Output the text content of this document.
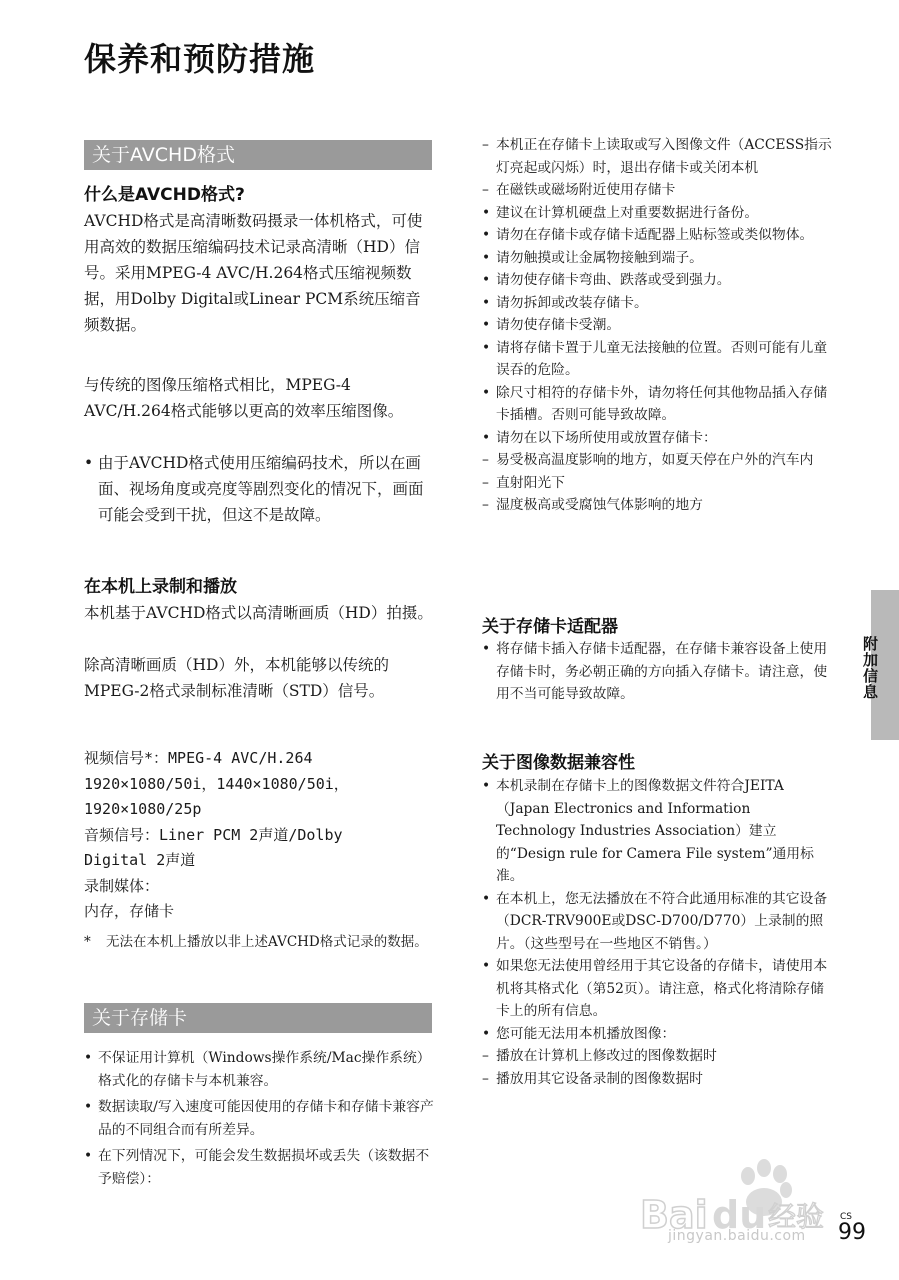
保养和预防措施
关于AVCHD格式
什么是AVCHD格式?

AVCHD格式是高清晰数码摄录一体机格式，可使用高效的数据压缩编码技术记录高清晰（HD）信号。采用MPEG-4 AVC/H.264格式压缩视频数据，用Dolby Digital或Linear PCM系统压缩音频数据。

与传统的图像压缩格式相比，MPEG-4 AVC/H.264格式能够以更高的效率压缩图像。

• 由于AVCHD格式使用压缩编码技术，所以在画面、视场角度或亮度等剧烈变化的情况下，画面可能会受到干扰，但这不是故障。
在本机上录制和播放

本机基于AVCHD格式以高清晰画质（HD）拍摄。

除高清晰画质（HD）外，本机能够以传统的MPEG-2格式录制标准清晰（STD）信号。

视频信号*：MPEG-4 AVC/H.264
1920×1080/50i，1440×1080/50i，
1920×1080/25p
音频信号：Liner PCM 2声道/Dolby
Digital 2声道
录制媒体：
内存，存储卡

* 无法在本机上播放以非上述AVCHD格式记录的数据。

关于存储卡
• 不保证用计算机（Windows操作系统/Mac操作系统）格式化的存储卡与本机兼容。
• 数据读取/写入速度可能因使用的存储卡和存储卡兼容产品的不同组合而有所差异。
• 在下列情况下，可能会发生数据损坏或丢失（该数据不予赔偿）：
– 本机正在存储卡上读取或写入图像文件（ACCESS指示灯亮起或闪烁）时，退出存储卡或关闭本机
– 在磁铁或磁场附近使用存储卡
• 建议在计算机硬盘上对重要数据进行备份。
• 请勿在存储卡或存储卡适配器上贴标签或类似物体。
• 请勿触摸或让金属物接触到端子。
• 请勿使存储卡弯曲、跌落或受到强力。
• 请勿拆卸或改装存储卡。
• 请勿使存储卡受潮。
• 请将存储卡置于儿童无法接触的位置。否则可能有儿童误吞的危险。
• 除尺寸相符的存储卡外，请勿将任何其他物品插入存储卡插槽。否则可能导致故障。
• 请勿在以下场所使用或放置存储卡：
– 易受极高温度影响的地方，如夏天停在户外的汽车内
– 直射阳光下
– 湿度极高或受腐蚀气体影响的地方
关于存储卡适配器
• 将存储卡插入存储卡适配器，在存储卡兼容设备上使用存储卡时，务必朝正确的方向插入存储卡。请注意，使用不当可能导致故障。
关于图像数据兼容性
• 本机录制在存储卡上的图像数据文件符合JEITA（Japan Electronics and Information Technology Industries Association）建立的“Design rule for Camera File system”通用标准。
• 在本机上，您无法播放在不符合此通用标准的其它设备（DCR-TRV900E或DSC-D700/D770）上录制的照片。（这些型号在一些地区不销售。）
• 如果您无法使用曾经用于其它设备的存储卡，请使用本机将其格式化（第52页）。请注意，格式化将清除存储卡上的所有信息。
• 您可能无法用本机播放图像：
– 播放在计算机上修改过的图像数据时
– 播放用其它设备录制的图像数据时
附加信息
Bai du 经验
jingyan.baidu.com
CS
99
